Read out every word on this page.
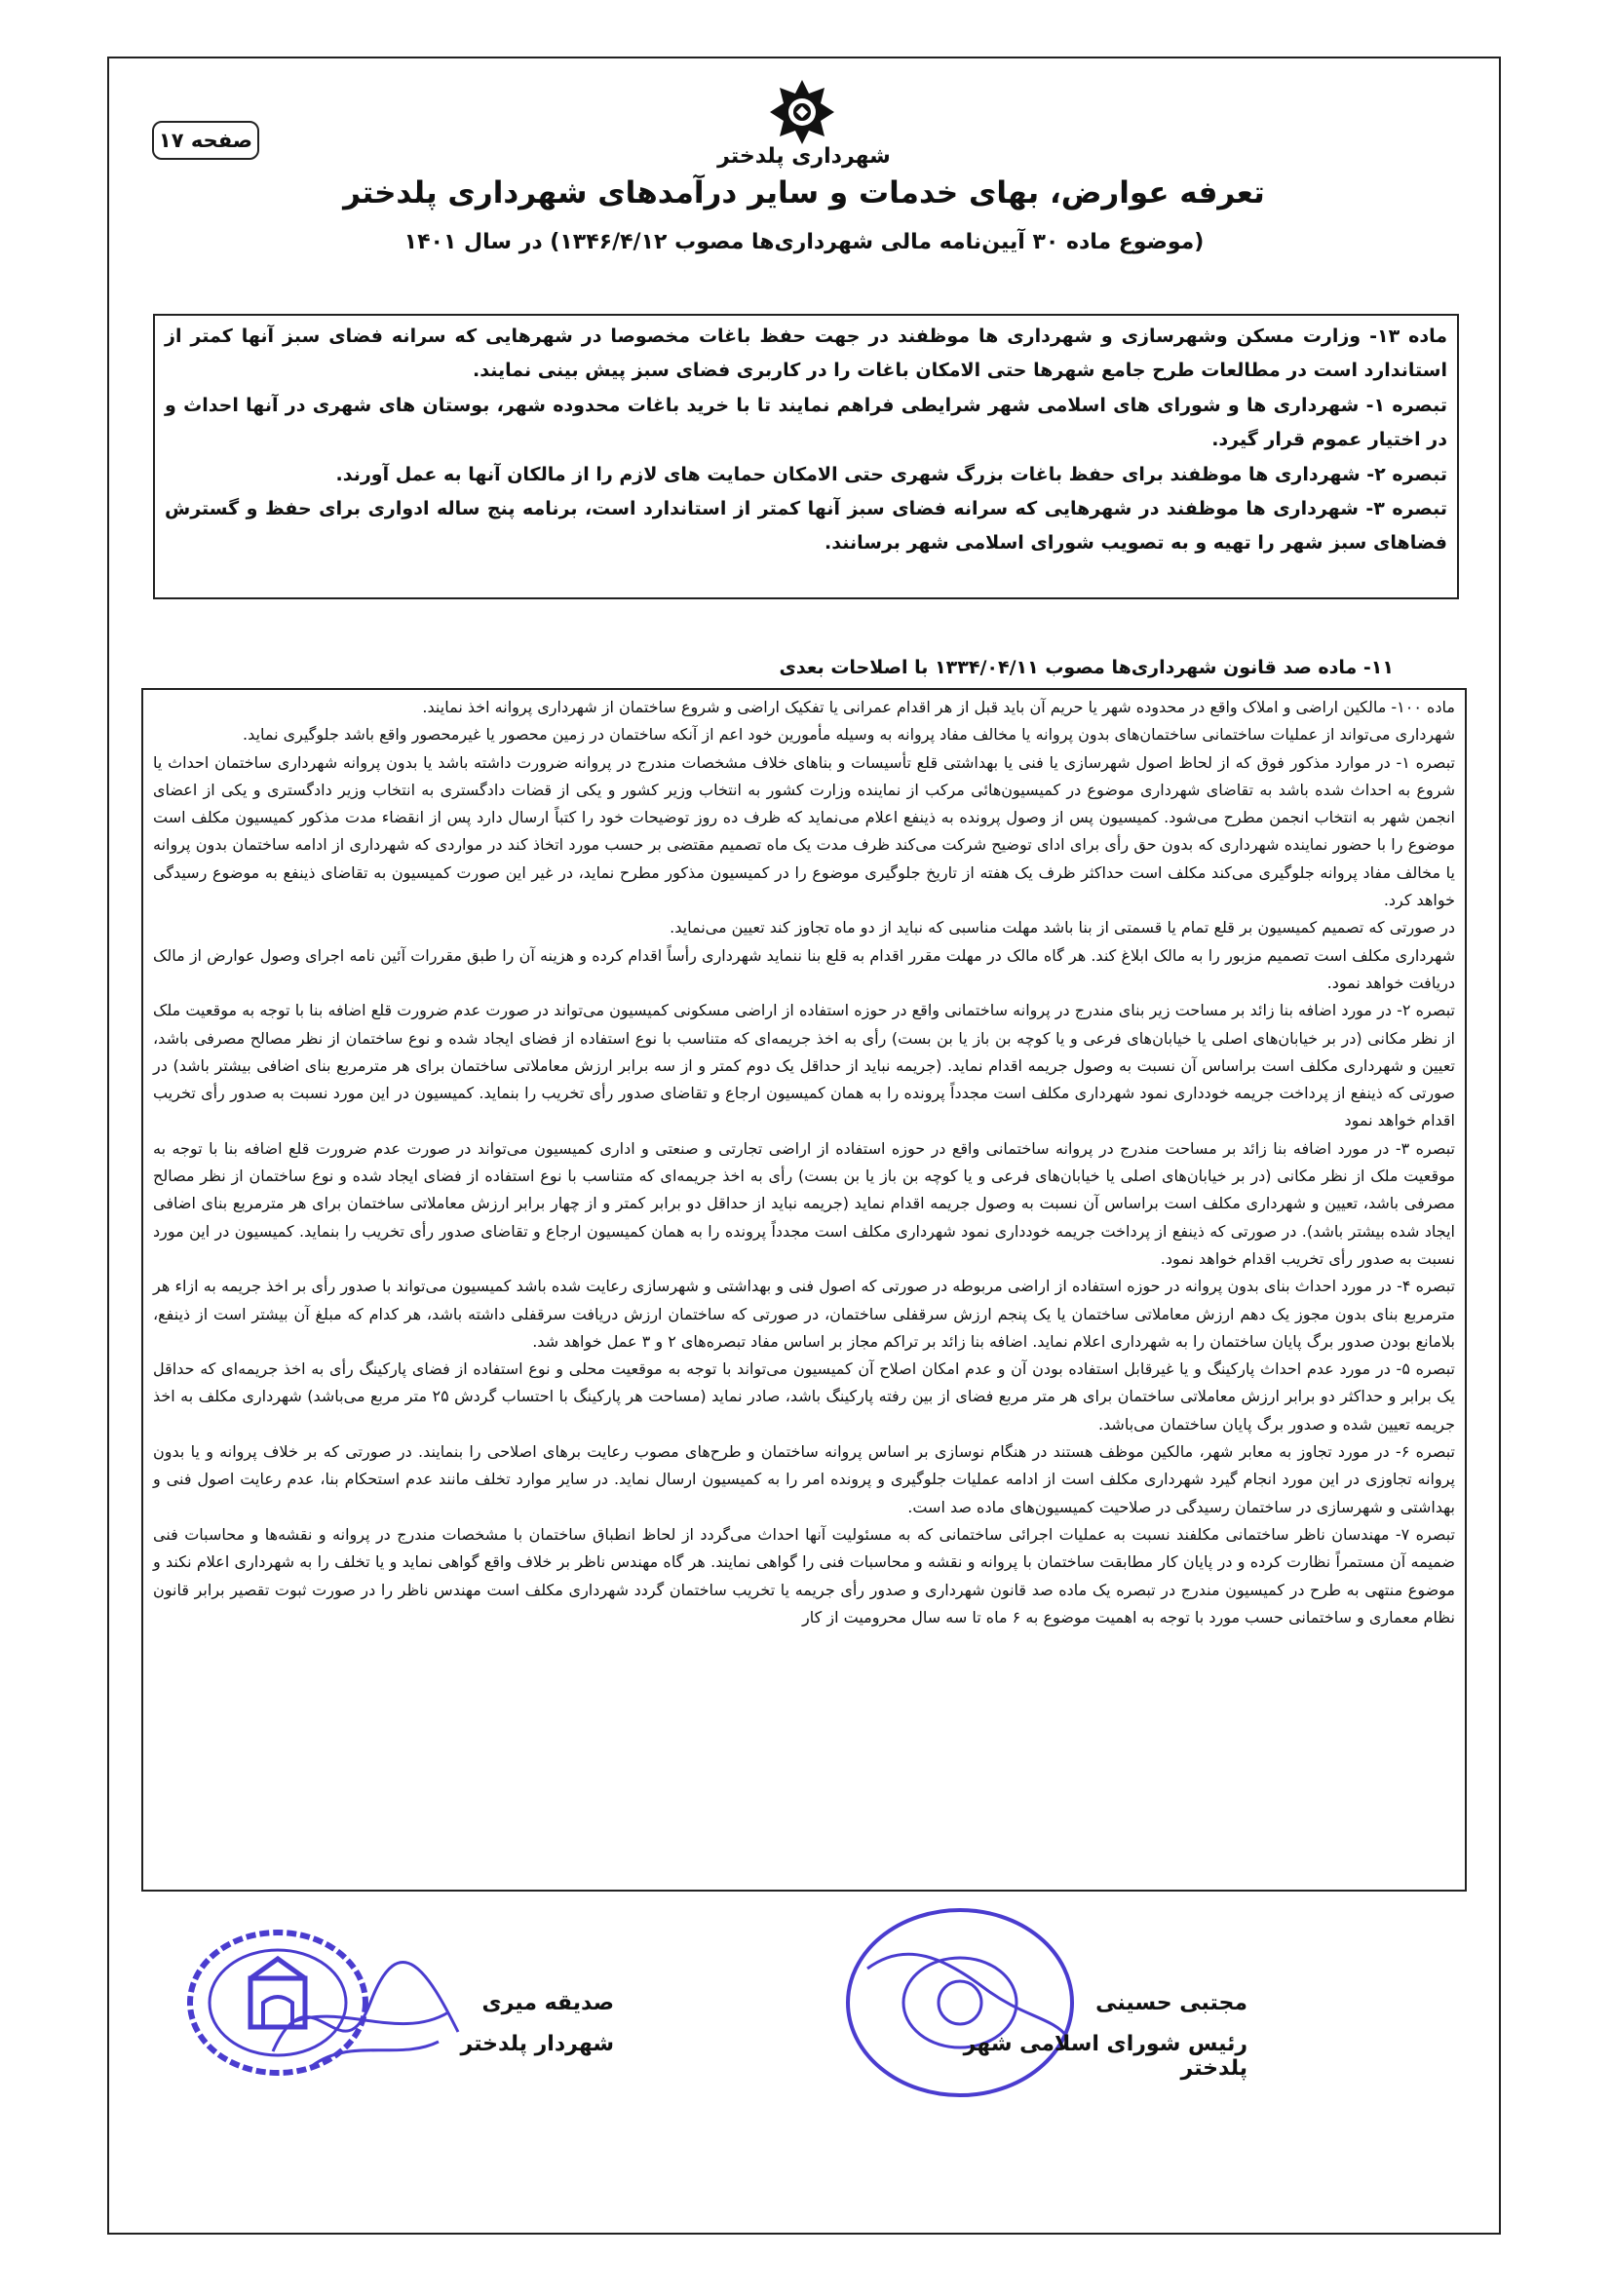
صفحه ۱۷
شهرداری پلدختر
تعرفه عوارض، بهای خدمات و سایر درآمدهای شهرداری پلدختر
(موضوع ماده ۳۰ آیین‌نامه مالی شهرداری‌ها مصوب ۱۳۴۶/۴/۱۲) در سال ۱۴۰۱

ماده ۱۳- وزارت مسکن وشهرسازی و شهرداری ها موظفند در جهت حفظ باغات مخصوصا در شهرهایی که سرانه فضای سبز آنها کمتر از استاندارد است در مطالعات طرح جامع شهرها حتی الامکان باغات را در کاربری فضای سبز پیش بینی نمایند.

تبصره ۱- شهرداری ها و شورای های اسلامی شهر شرایطی فراهم نمایند تا با خرید باغات محدوده شهر، بوستان های شهری در آنها احداث و در اختیار عموم قرار گیرد.

تبصره ۲- شهرداری ها موظفند برای حفظ باغات بزرگ شهری حتی الامکان حمایت های لازم را از مالکان آنها به عمل آورند.

تبصره ۳- شهرداری ها موظفند در شهرهایی که سرانه فضای سبز آنها کمتر از استاندارد است، برنامه پنج ساله ادواری برای حفظ و گسترش فضاهای سبز شهر را تهیه و به تصویب شورای اسلامی شهر برسانند.

۱۱- ماده صد قانون شهرداری‌ها مصوب ۱۳۳۴/۰۴/۱۱ با اصلاحات بعدی

ماده ۱۰۰- مالکین اراضی و املاک واقع در محدوده شهر یا حریم آن باید قبل از هر اقدام عمرانی یا تفکیک اراضی و شروع ساختمان از شهرداری پروانه اخذ نمایند.

شهرداری می‌تواند از عملیات ساختمانی ساختمان‌های بدون پروانه یا مخالف مفاد پروانه به وسیله مأمورین خود اعم از آنکه ساختمان در زمین محصور یا غیرمحصور واقع باشد جلوگیری نماید.

تبصره ۱- در موارد مذکور فوق که از لحاظ اصول شهرسازی یا فنی یا بهداشتی قلع تأسیسات و بناهای خلاف مشخصات مندرج در پروانه ضرورت داشته باشد یا بدون پروانه شهرداری ساختمان احداث یا شروع به احداث شده باشد به تقاضای شهرداری موضوع در کمیسیون‌هائی مرکب از نماینده وزارت کشور به انتخاب وزیر کشور و یکی از قضات دادگستری به انتخاب وزیر دادگستری و یکی از اعضای انجمن شهر به انتخاب انجمن مطرح می‌شود. کمیسیون پس از وصول پرونده به ذینفع اعلام می‌نماید که ظرف ده روز توضیحات خود را کتباً ارسال دارد پس از انقضاء مدت مذکور کمیسیون مکلف است موضوع را با حضور نماینده شهرداری که بدون حق رأی برای ادای توضیح شرکت می‌کند ظرف مدت یک ماه تصمیم مقتضی بر حسب مورد اتخاذ کند در مواردی که شهرداری از ادامه ساختمان بدون پروانه یا مخالف مفاد پروانه جلوگیری می‌کند مکلف است حداکثر ظرف یک هفته از تاریخ جلوگیری موضوع را در کمیسیون مذکور مطرح نماید، در غیر این صورت کمیسیون به تقاضای ذینفع به موضوع رسیدگی خواهد کرد.

در صورتی که تصمیم کمیسیون بر قلع تمام یا قسمتی از بنا باشد مهلت مناسبی که نباید از دو ماه تجاوز کند تعیین می‌نماید.

شهرداری مکلف است تصمیم مزبور را به مالک ابلاغ کند. هر گاه مالک در مهلت مقرر اقدام به قلع بنا ننماید شهرداری رأساً اقدام کرده و هزینه آن را طبق مقررات آئین نامه اجرای وصول عوارض از مالک دریافت خواهد نمود.

تبصره ۲- در مورد اضافه بنا زائد بر مساحت زیر بنای مندرج در پروانه ساختمانی واقع در حوزه استفاده از اراضی مسکونی کمیسیون می‌تواند در صورت عدم ضرورت قلع اضافه بنا با توجه به موقعیت ملک از نظر مکانی (در بر خیابان‌های اصلی یا خیابان‌های فرعی و یا کوچه بن باز یا بن بست) رأی به اخذ جریمه‌ای که متناسب با نوع استفاده از فضای ایجاد شده و نوع ساختمان از نظر مصالح مصرفی باشد، تعیین و شهرداری مکلف است براساس آن نسبت به وصول جریمه اقدام نماید. (جریمه نباید از حداقل یک دوم کمتر و از سه برابر ارزش معاملاتی ساختمان برای هر مترمربع بنای اضافی بیشتر باشد) در صورتی که ذینفع از پرداخت جریمه خودداری نمود شهرداری مکلف است مجدداً پرونده را به همان کمیسیون ارجاع و تقاضای صدور رأی تخریب را بنماید. کمیسیون در این مورد نسبت به صدور رأی تخریب اقدام خواهد نمود

تبصره ۳- در مورد اضافه بنا زائد بر مساحت مندرج در پروانه ساختمانی واقع در حوزه استفاده از اراضی تجارتی و صنعتی و اداری کمیسیون می‌تواند در صورت عدم ضرورت قلع اضافه بنا با توجه به موقعیت ملک از نظر مکانی (در بر خیابان‌های اصلی یا خیابان‌های فرعی و یا کوچه بن باز یا بن بست) رأی به اخذ جریمه‌ای که متناسب با نوع استفاده از فضای ایجاد شده و نوع ساختمان از نظر مصالح مصرفی باشد، تعیین و شهرداری مکلف است براساس آن نسبت به وصول جریمه اقدام نماید (جریمه نباید از حداقل دو برابر کمتر و از چهار برابر ارزش معاملاتی ساختمان برای هر مترمربع بنای اضافی ایجاد شده بیشتر باشد). در صورتی که ذینفع از پرداخت جریمه خودداری نمود شهرداری مکلف است مجدداً پرونده را به همان کمیسیون ارجاع و تقاضای صدور رأی تخریب را بنماید. کمیسیون در این مورد نسبت به صدور رأی تخریب اقدام خواهد نمود.

تبصره ۴- در مورد احداث بنای بدون پروانه در حوزه استفاده از اراضی مربوطه در صورتی که اصول فنی و بهداشتی و شهرسازی رعایت شده باشد کمیسیون می‌تواند با صدور رأی بر اخذ جریمه به ازاء هر مترمربع بنای بدون مجوز یک دهم ارزش معاملاتی ساختمان یا یک پنجم ارزش سرقفلی ساختمان، در صورتی که ساختمان ارزش دریافت سرقفلی داشته باشد، هر کدام که مبلغ آن بیشتر است از ذینفع، بلامانع بودن صدور برگ پایان ساختمان را به شهرداری اعلام نماید. اضافه بنا زائد بر تراکم مجاز بر اساس مفاد تبصره‌های ۲ و ۳ عمل خواهد شد.

تبصره ۵- در مورد عدم احداث پارکینگ و یا غیرقابل استفاده بودن آن و عدم امکان اصلاح آن کمیسیون می‌تواند با توجه به موقعیت محلی و نوع استفاده از فضای پارکینگ رأی به اخذ جریمه‌ای که حداقل یک برابر و حداکثر دو برابر ارزش معاملاتی ساختمان برای هر متر مربع فضای از بین رفته پارکینگ باشد، صادر نماید (مساحت هر پارکینگ با احتساب گردش ۲۵ متر مربع می‌باشد) شهرداری مکلف به اخذ جریمه تعیین شده و صدور برگ پایان ساختمان می‌باشد.

تبصره ۶- در مورد تجاوز به معابر شهر، مالکین موظف هستند در هنگام نوسازی بر اساس پروانه ساختمان و طرح‌های مصوب رعایت برهای اصلاحی را بنمایند. در صورتی که بر خلاف پروانه و یا بدون پروانه تجاوزی در این مورد انجام گیرد شهرداری مکلف است از ادامه عملیات جلوگیری و پرونده امر را به کمیسیون ارسال نماید. در سایر موارد تخلف مانند عدم استحکام بنا، عدم رعایت اصول فنی و بهداشتی و شهرسازی در ساختمان رسیدگی در صلاحیت کمیسیون‌های ماده صد است.

تبصره ۷- مهندسان ناظر ساختمانی مکلفند نسبت به عملیات اجرائی ساختمانی که به مسئولیت آنها احداث می‌گردد از لحاظ انطباق ساختمان با مشخصات مندرج در پروانه و نقشه‌ها و محاسبات فنی ضمیمه آن مستمراً نظارت کرده و در پایان کار مطابقت ساختمان با پروانه و نقشه و محاسبات فنی را گواهی نمایند. هر گاه مهندس ناظر بر خلاف واقع گواهی نماید و یا تخلف را به شهرداری اعلام نکند و موضوع منتهی به طرح در کمیسیون مندرج در تبصره یک ماده صد قانون شهرداری و صدور رأی جریمه یا تخریب ساختمان گردد شهرداری مکلف است مهندس ناظر را در صورت ثبوت تقصیر برابر قانون نظام معماری و ساختمانی حسب مورد با توجه به اهمیت موضوع به ۶ ماه تا سه سال محرومیت از کار

صدیقه میری
شهردار پلدختر
مجتبی حسینی
رئیس شورای اسلامی شهر پلدختر
